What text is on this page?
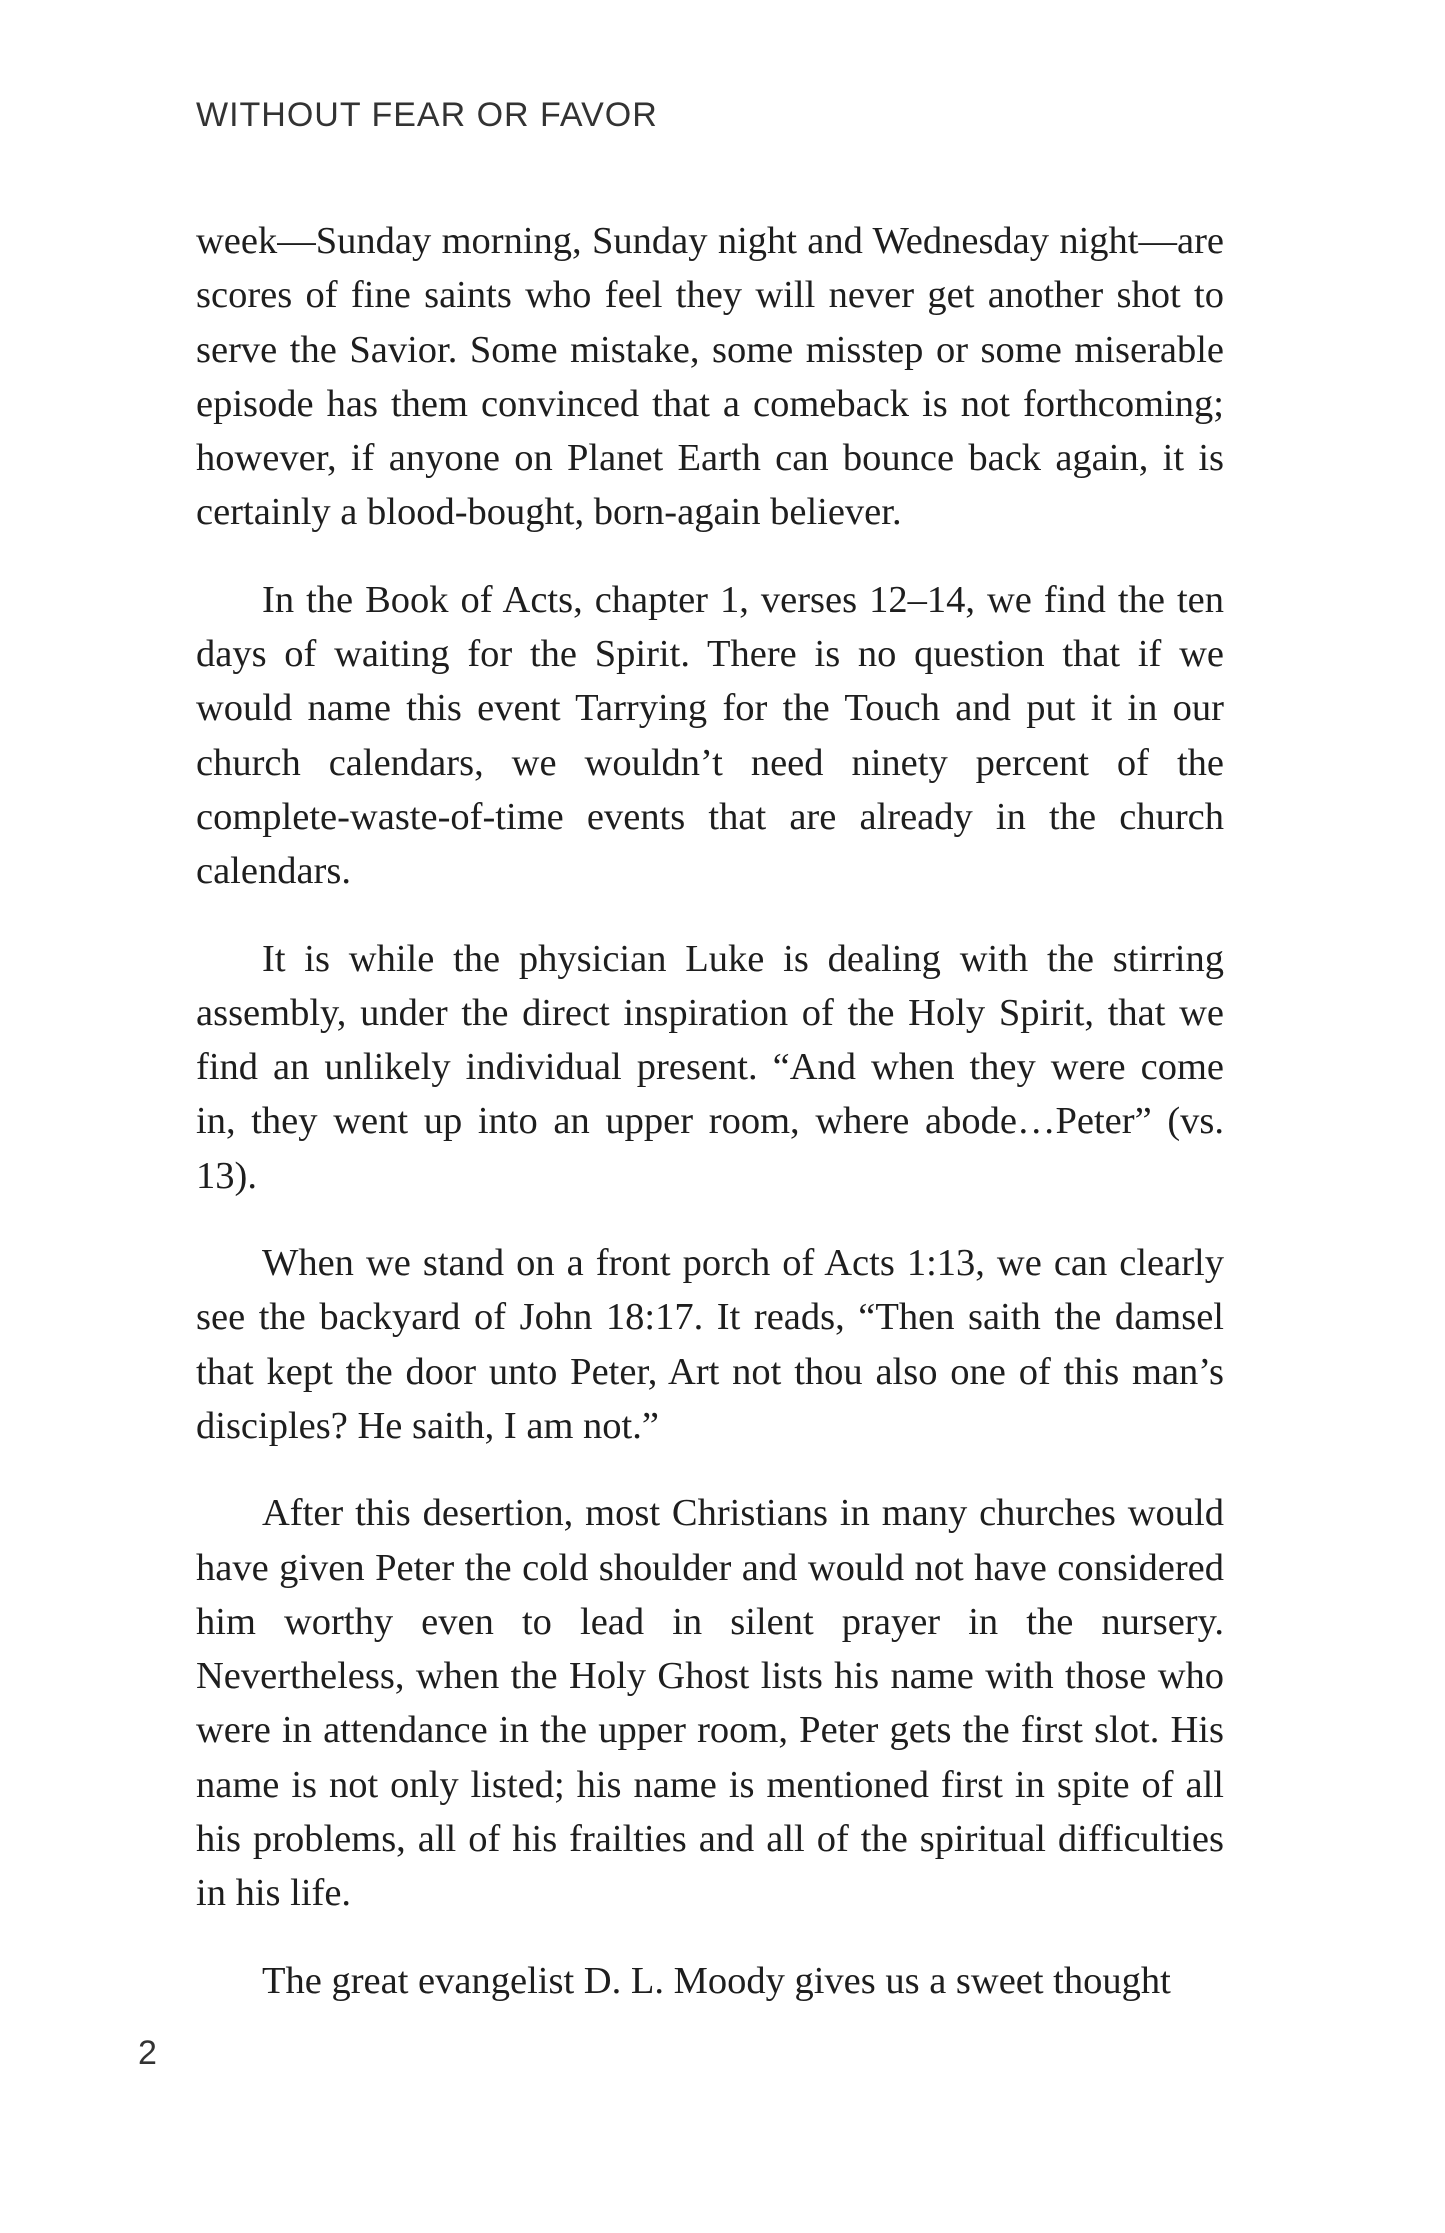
WITHOUT FEAR OR FAVOR

week—Sunday morning, Sunday night and Wednesday night—are scores of fine saints who feel they will never get another shot to serve the Savior. Some mistake, some misstep or some miserable episode has them convinced that a comeback is not forthcoming; however, if anyone on Planet Earth can bounce back again, it is certainly a blood-bought, born-again believer.

In the Book of Acts, chapter 1, verses 12–14, we find the ten days of waiting for the Spirit. There is no question that if we would name this event Tarrying for the Touch and put it in our church calendars, we wouldn’t need ninety percent of the complete-waste-of-time events that are already in the church calendars.

It is while the physician Luke is dealing with the stirring assembly, under the direct inspiration of the Holy Spirit, that we find an unlikely individual present. “And when they were come in, they went up into an upper room, where abode…Peter” (vs. 13).

When we stand on a front porch of Acts 1:13, we can clearly see the backyard of John 18:17. It reads, “Then saith the damsel that kept the door unto Peter, Art not thou also one of this man’s disciples? He saith, I am not.”

After this desertion, most Christians in many churches would have given Peter the cold shoulder and would not have considered him worthy even to lead in silent prayer in the nursery. Nevertheless, when the Holy Ghost lists his name with those who were in attendance in the upper room, Peter gets the first slot. His name is not only listed; his name is mentioned first in spite of all his problems, all of his frailties and all of the spiritual difficulties in his life.

The great evangelist D. L. Moody gives us a sweet thought

2
